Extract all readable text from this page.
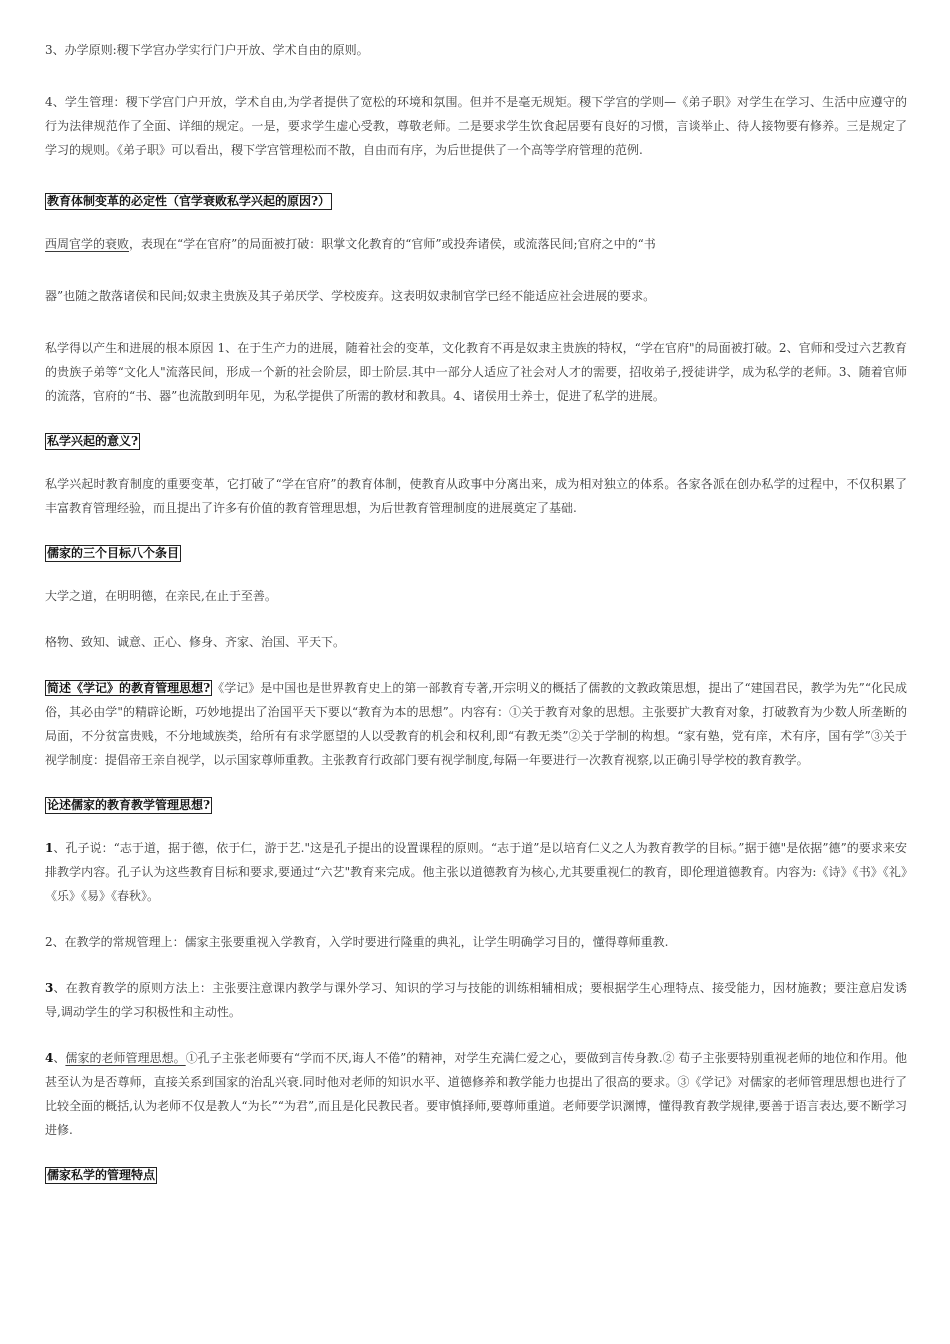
3、办学原则:稷下学宫办学实行门户开放、学术自由的原则。

4、学生管理：稷下学宫门户开放，学术自由,为学者提供了宽松的环境和氛围。但并不是毫无规矩。稷下学宫的学则—《弟子职》对学生在学习、生活中应遵守的行为法律规范作了全面、详细的规定。一是，要求学生虚心受教，尊敬老师。二是要求学生饮食起居要有良好的习惯，言谈举止、待人接物要有修养。三是规定了学习的规则。《弟子职》可以看出，稷下学宫管理松而不散，自由而有序，为后世提供了一个高等学府管理的范例.

教育体制变革的必定性（官学衰败私学兴起的原因?）

西周官学的衰败，表现在“学在官府”的局面被打破：职掌文化教育的“官师”或投奔诸侯，或流落民间;官府之中的“书

器”也随之散落诸侯和民间;奴隶主贵族及其子弟厌学、学校废弃。这表明奴隶制官学已经不能适应社会进展的要求。

私学得以产生和进展的根本原因 1、在于生产力的进展，随着社会的变革，文化教育不再是奴隶主贵族的特权，“学在官府"的局面被打破。2、官师和受过六艺教育的贵族子弟等“文化人"流落民间，形成一个新的社会阶层，即士阶层.其中一部分人适应了社会对人才的需要，招收弟子,授徒讲学，成为私学的老师。3、随着官师的流落，官府的“书、器”也流散到明年见，为私学提供了所需的教材和教具。4、诸侯用士养士，促进了私学的进展。

私学兴起的意义?

私学兴起时教育制度的重要变革，它打破了“学在官府”的教育体制，使教育从政事中分离出来，成为相对独立的体系。各家各派在创办私学的过程中，不仅积累了丰富教育管理经验，而且提出了许多有价值的教育管理思想，为后世教育管理制度的进展奠定了基础.

儒家的三个目标八个条目

大学之道，在明明德，在亲民,在止于至善。

格物、致知、诚意、正心、修身、齐家、治国、平天下。

简述《学记》的教育管理思想? 《学记》是中国也是世界教育史上的第一部教育专著,开宗明义的概括了儒教的文教政策思想，提出了“建国君民，教学为先”“化民成俗，其必由学"的精辟论断，巧妙地提出了治国平天下要以“教育为本的思想”。内容有：①关于教育对象的思想。主张要扩大教育对象，打破教育为少数人所垄断的局面，不分贫富贵贱，不分地域族类，给所有有求学愿望的人以受教育的机会和权利,即“有教无类”②关于学制的构想。“家有塾，党有庠，术有序，国有学”③关于视学制度：提倡帝王亲自视学，以示国家尊师重教。主张教育行政部门要有视学制度,每隔一年要进行一次教育视察,以正确引导学校的教育教学。

论述儒家的教育教学管理思想?

1、孔子说：“志于道，据于德，依于仁，游于艺."这是孔子提出的设置课程的原则。“志于道”是以培育仁义之人为教育教学的目标。”据于德"是依据”德”的要求来安排教学内容。孔子认为这些教育目标和要求,要通过“六艺"教育来完成。他主张以道德教育为核心,尤其要重视仁的教育，即伦理道德教育。内容为:《诗》《书》《礼》《乐》《易》《春秋》。

2、在教学的常规管理上：儒家主张要重视入学教育，入学时要进行隆重的典礼，让学生明确学习目的，懂得尊师重教.

3、在教育教学的原则方法上：主张要注意课内教学与课外学习、知识的学习与技能的训练相辅相成；要根据学生心理特点、接受能力，因材施教；要注意启发诱导,调动学生的学习积极性和主动性。

4、儒家的老师管理思想。①孔子主张老师要有“学而不厌,诲人不倦”的精神，对学生充满仁爱之心，要做到言传身教.② 荀子主张要特别重视老师的地位和作用。他甚至认为是否尊师，直接关系到国家的治乱兴衰.同时他对老师的知识水平、道德修养和教学能力也提出了很高的要求。③《学记》对儒家的老师管理思想也进行了比较全面的概括,认为老师不仅是教人“为长”“为君”,而且是化民教民者。要审慎择师,要尊师重道。老师要学识渊博，懂得教育教学规律,要善于语言表达,要不断学习进修.

儒家私学的管理特点
